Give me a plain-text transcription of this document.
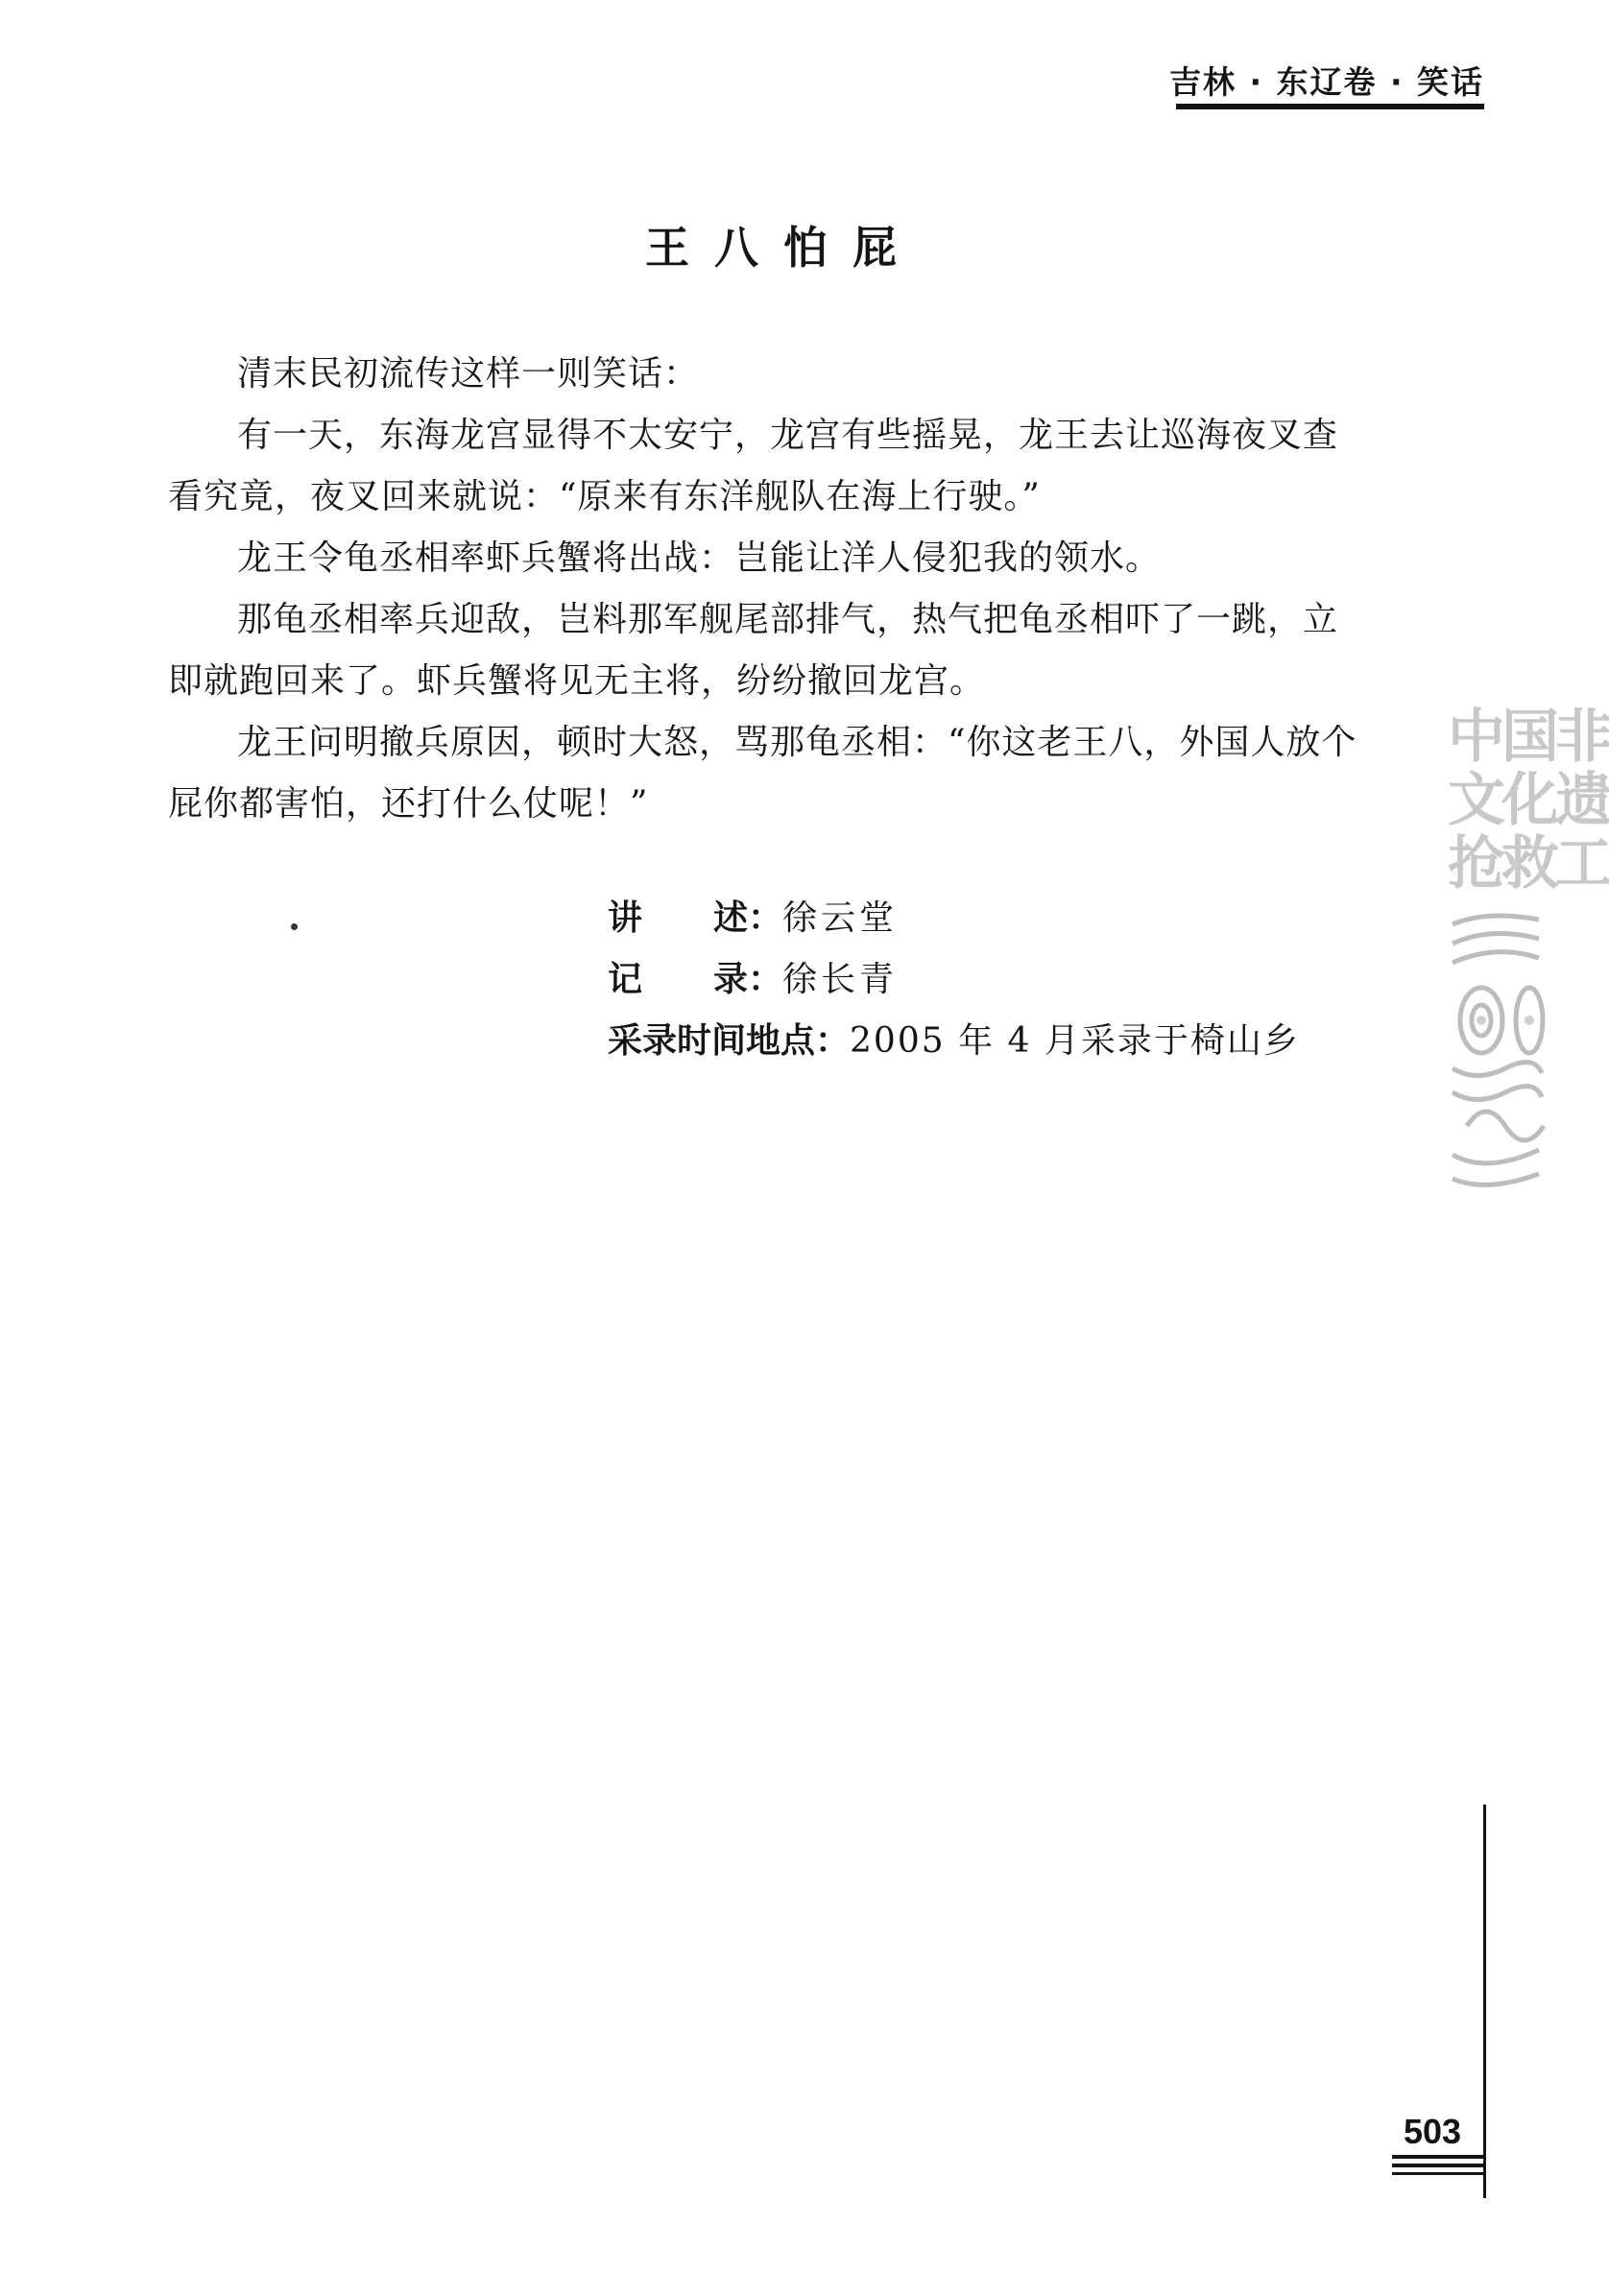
吉林 · 东辽卷 · 笑话
王八怕屁

清末民初流传这样一则笑话：

有一天，东海龙宫显得不太安宁，龙宫有些摇晃，龙王去让巡海夜叉查看究竟，夜叉回来就说：“原来有东洋舰队在海上行驶。”

龙王令龟丞相率虾兵蟹将出战：岂能让洋人侵犯我的领水。

那龟丞相率兵迎敌，岂料那军舰尾部排气，热气把龟丞相吓了一跳，立即就跑回来了。虾兵蟹将见无主将，纷纷撤回龙宫。

龙王问明撤兵原因，顿时大怒，骂那龟丞相：“你这老王八，外国人放个屁你都害怕，还打什么仗呢！”

讲 述： 徐云堂
记 录： 徐长青
采录时间地点： 2005 年 4 月采录于椅山乡
中国非
文化遗
抢救工
503
